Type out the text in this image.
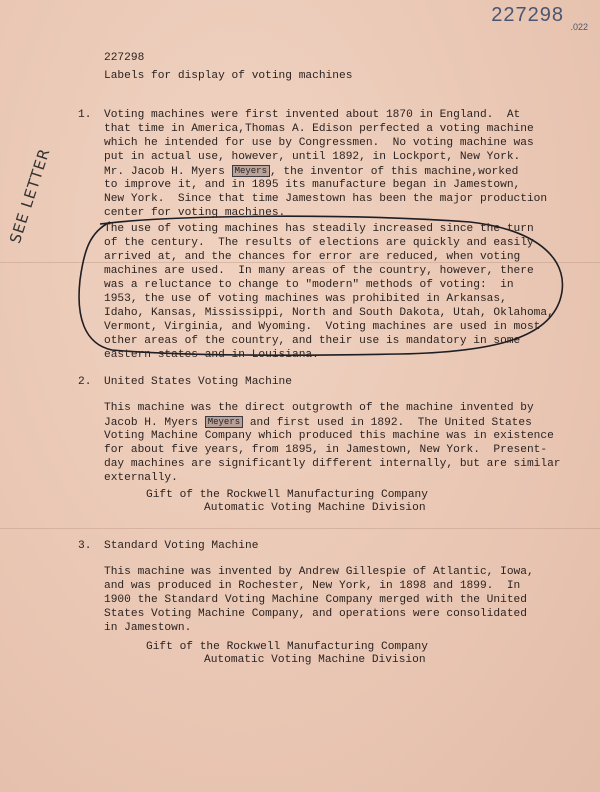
227298
.022
227298
Labels for display of voting machines
1. Voting machines were first invented about 1870 in England.  At
that time in America,Thomas A. Edison perfected a voting machine
which he intended for use by Congressmen.  No voting machine was
put in actual use, however, until 1892, in Lockport, New York.
Mr. Jacob H. Myers Meyers , the inventor of this machine,worked
to improve it, and in 1895 its manufacture began in Jamestown,
New York.  Since that time Jamestown has been the major production
center for voting machines.
The use of voting machines has steadily increased since the turn
of the century.  The results of elections are quickly and easily
arrived at, and the chances for error are reduced, when voting
machines are used.  In many areas of the country, however, there
was a reluctance to change to "modern" methods of voting:  in
1953, the use of voting machines was prohibited in Arkansas,
Idaho, Kansas, Mississippi, North and South Dakota, Utah, Oklahoma,
Vermont, Virginia, and Wyoming.  Voting machines are used in most
other areas of the country, and their use is mandatory in some
eastern states and in Louisiana.
SEE LETTER
2. United States Voting Machine
This machine was the direct outgrowth of the machine invented by
Jacob H. Myers Meyers and first used in 1892.  The United States
Voting Machine Company which produced this machine was in existence
for about five years, from 1895, in Jamestown, New York.  Present-
day machines are significantly different internally, but are similar
externally.
Gift of the Rockwell Manufacturing Company
Automatic Voting Machine Division
3. Standard Voting Machine
This machine was invented by Andrew Gillespie of Atlantic, Iowa,
and was produced in Rochester, New York, in 1898 and 1899.  In
1900 the Standard Voting Machine Company merged with the United
States Voting Machine Company, and operations were consolidated
in Jamestown.
Gift of the Rockwell Manufacturing Company
Automatic Voting Machine Division
